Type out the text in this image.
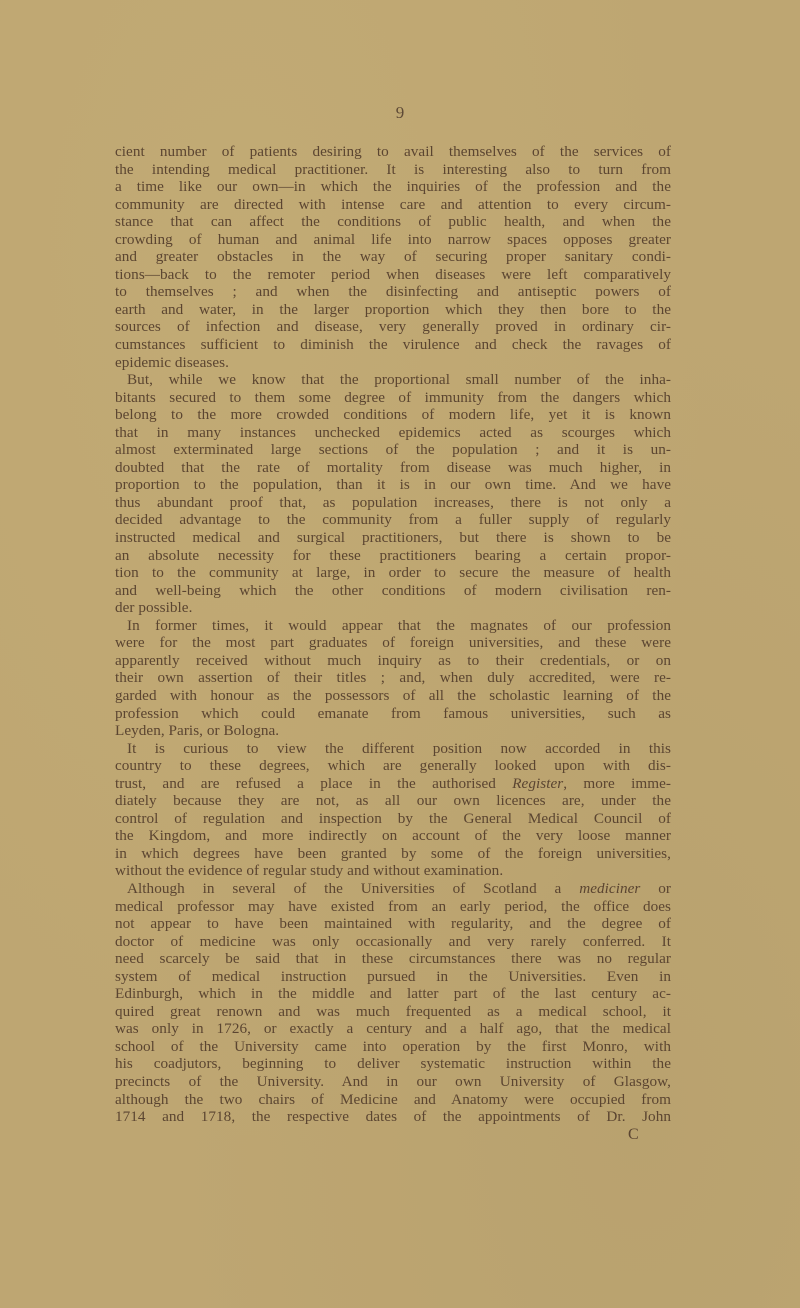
9
cient number of patients desiring to avail themselves of the services of
the intending medical practitioner. It is interesting also to turn from
a time like our own—in which the inquiries of the profession and the
community are directed with intense care and attention to every circum-
stance that can affect the conditions of public health, and when the
crowding of human and animal life into narrow spaces opposes greater
and greater obstacles in the way of securing proper sanitary condi-
tions—back to the remoter period when diseases were left comparatively
to themselves ; and when the disinfecting and antiseptic powers of
earth and water, in the larger proportion which they then bore to the
sources of infection and disease, very generally proved in ordinary cir-
cumstances sufficient to diminish the virulence and check the ravages of
epidemic diseases.
But, while we know that the proportional small number of the inha-
bitants secured to them some degree of immunity from the dangers which
belong to the more crowded conditions of modern life, yet it is known
that in many instances unchecked epidemics acted as scourges which
almost exterminated large sections of the population ; and it is un-
doubted that the rate of mortality from disease was much higher, in
proportion to the population, than it is in our own time. And we have
thus abundant proof that, as population increases, there is not only a
decided advantage to the community from a fuller supply of regularly
instructed medical and surgical practitioners, but there is shown to be
an absolute necessity for these practitioners bearing a certain propor-
tion to the community at large, in order to secure the measure of health
and well-being which the other conditions of modern civilisation ren-
der possible.
In former times, it would appear that the magnates of our profession
were for the most part graduates of foreign universities, and these were
apparently received without much inquiry as to their credentials, or on
their own assertion of their titles ; and, when duly accredited, were re-
garded with honour as the possessors of all the scholastic learning of the
profession which could emanate from famous universities, such as
Leyden, Paris, or Bologna.
It is curious to view the different position now accorded in this
country to these degrees, which are generally looked upon with dis-
trust, and are refused a place in the authorised Register, more imme-
diately because they are not, as all our own licences are, under the
control of regulation and inspection by the General Medical Council of
the Kingdom, and more indirectly on account of the very loose manner
in which degrees have been granted by some of the foreign universities,
without the evidence of regular study and without examination.
Although in several of the Universities of Scotland a mediciner or
medical professor may have existed from an early period, the office does
not appear to have been maintained with regularity, and the degree of
doctor of medicine was only occasionally and very rarely conferred. It
need scarcely be said that in these circumstances there was no regular
system of medical instruction pursued in the Universities. Even in
Edinburgh, which in the middle and latter part of the last century ac-
quired great renown and was much frequented as a medical school, it
was only in 1726, or exactly a century and a half ago, that the medical
school of the University came into operation by the first Monro, with
his coadjutors, beginning to deliver systematic instruction within the
precincts of the University. And in our own University of Glasgow,
although the two chairs of Medicine and Anatomy were occupied from
1714 and 1718, the respective dates of the appointments of Dr. John
C
